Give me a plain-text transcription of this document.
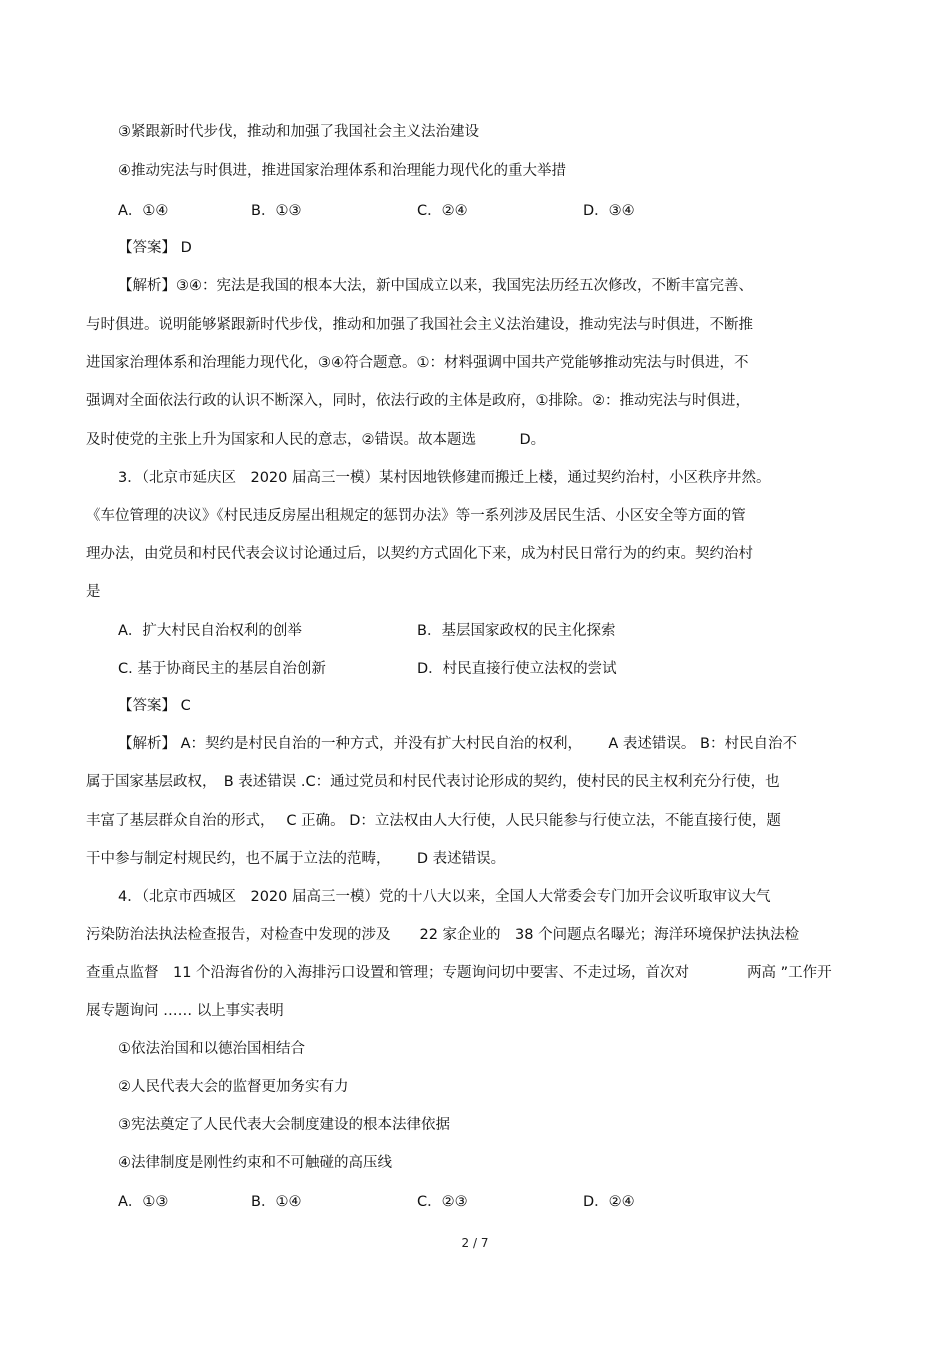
③紧跟新时代步伐，推动和加强了我国社会主义法治建设

④推动宪法与时俱进，推进国家治理体系和治理能力现代化的重大举措

A．①④	B．①③	C．②④	D．③④

【答案】 D

【解析】③④：宪法是我国的根本大法，新中国成立以来，我国宪法历经五次修改，不断丰富完善、

与时俱进。说明能够紧跟新时代步伐，推动和加强了我国社会主义法治建设，推动宪法与时俱进，不断推

进国家治理体系和治理能力现代化，③④符合题意。①：材料强调中国共产党能够推动宪法与时俱进，不

强调对全面依法行政的认识不断深入，同时，依法行政的主体是政府，①排除。②：推动宪法与时俱进，

及时使党的主张上升为国家和人民的意志，②错误。故本题选　　　D。

3．（北京市延庆区　2020 届高三一模）某村因地铁修建而搬迁上楼，通过契约治村，小区秩序井然。

《车位管理的决议》《村民违反房屋出租规定的惩罚办法》等一系列涉及居民生活、小区安全等方面的管

理办法，由党员和村民代表会议讨论通过后，以契约方式固化下来，成为村民日常行为的约束。契约治村

是

A．扩大村民自治权利的创举	B．基层国家政权的民主化探索
C. 基于协商民主的基层自治创新	D．村民直接行使立法权的尝试

【答案】 C

【解析】 A：契约是村民自治的一种方式，并没有扩大村民自治的权利，　　 A 表述错误。 B：村民自治不

属于国家基层政权，　B 表述错误 .C：通过党员和村民代表讨论形成的契约，使村民的民主权利充分行使，也

丰富了基层群众自治的形式，　 C 正确。 D：立法权由人大行使，人民只能参与行使立法，不能直接行使，题

干中参与制定村规民约，也不属于立法的范畴，　　 D 表述错误。

4．（北京市西城区　2020 届高三一模）党的十八大以来，全国人大常委会专门加开会议听取审议大气

污染防治法执法检查报告，对检查中发现的涉及　　22 家企业的　38 个问题点名曝光；海洋环境保护法执法检

查重点监督　11 个沿海省份的入海排污口设置和管理；专题询问切中要害、不走过场，首次对　　　　两高 ”工作开

展专题询问 …… 以上事实表明

①依法治国和以德治国相结合

②人民代表大会的监督更加务实有力

③宪法奠定了人民代表大会制度建设的根本法律依据

④法律制度是刚性约束和不可触碰的高压线

A．①③	B．①④	C．②③	D．②④
2 / 7
